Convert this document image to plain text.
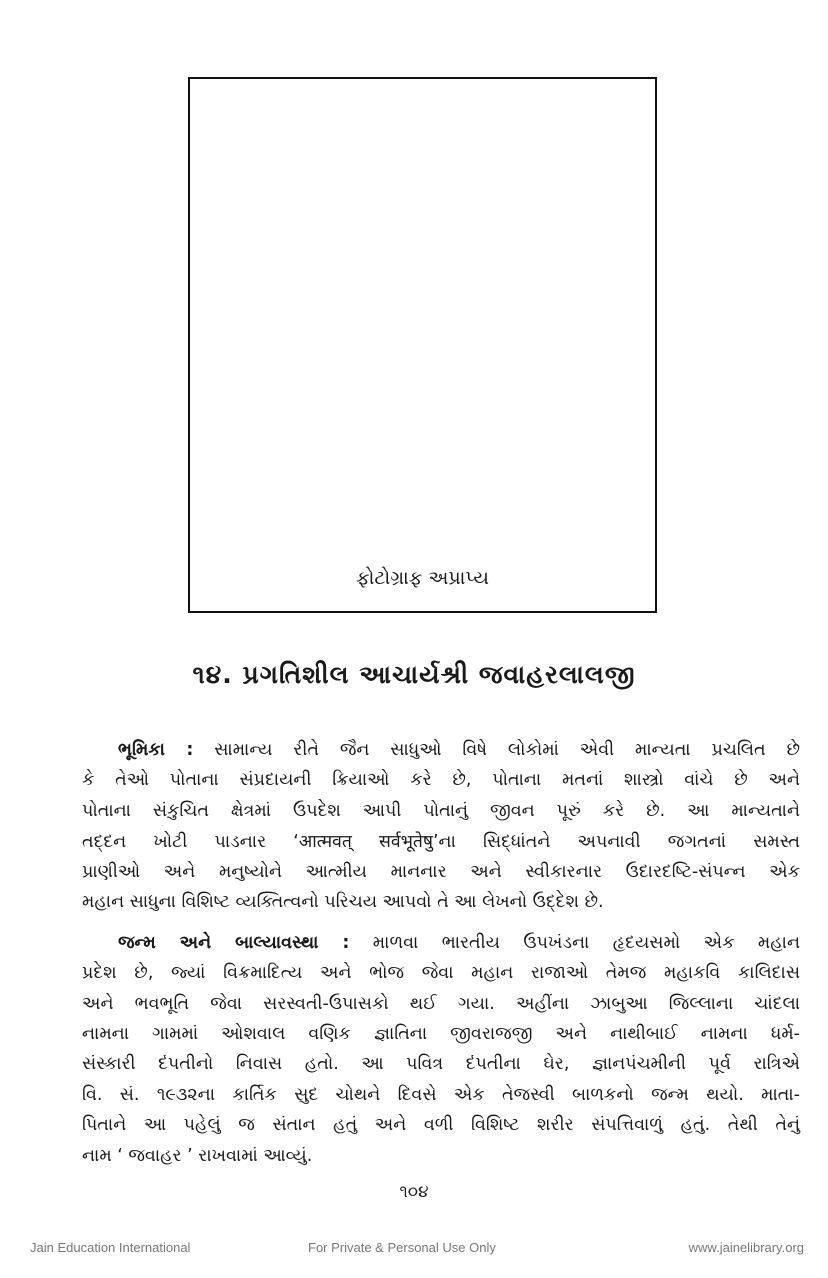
ફોટોગ્રાફ અપ્રાપ્ય
૧૪. પ્રગતિશીલ આચાર્યશ્રી જવાહરલાલજી
ભૂમિકા : સામાન્ય રીતે જૈન સાધુઓ વિષે લોકોમાં એવી માન્યતા પ્રચલિત છે
કે તેઓ પોતાના સંપ્રદાયની ક્રિયાઓ કરે છે, પોતાના મતનાં શાસ્ત્રો વાંચે છે અને
પોતાના સંકુચિત ક્ષેત્રમાં ઉપદેશ આપી પોતાનું જીવન પૂરું કરે છે. આ માન્યતાને
તદ્દન ખોટી પાડનાર ‘आत्मवत् सर्वभूतेषु’ના સિદ્ધાંતને અપનાવી જગતનાં સમસ્ત
પ્રાણીઓ અને મનુષ્યોને આત્મીય માનનાર અને સ્વીકારનાર ઉદારદષ્ટિ-સંપન્ન એક
મહાન સાધુના વિશિષ્ટ વ્યક્તિત્વનો પરિચય આપવો તે આ લેખનો ઉદ્દેશ છે.
જન્મ અને બાલ્યાવસ્થા : માળવા ભારતીય ઉપખંડના હૃદયસમો એક મહાન
પ્રદેશ છે, જ્યાં વિક્રમાદિત્ય અને ભોજ જેવા મહાન રાજાઓ તેમજ મહાકવિ કાલિદાસ
અને ભવભૂતિ જેવા સરસ્વતી-ઉપાસકો થઈ ગયા. અહીંના ઝાબુઆ જિલ્લાના ચાંદલા
નામના ગામમાં ઓશવાલ વણિક જ્ઞાતિના જીવરાજજી અને નાથીબાઈ નામના ધર્મ-
સંસ્કારી દંપતીનો નિવાસ હતો. આ પવિત્ર દંપતીના ઘેર, જ્ઞાનપંચમીની પૂર્વ રાત્રિએ
વિ. સં. ૧૯૩૨ના કાર્તિક સુદ ચોથને દિવસે એક તેજસ્વી બાળકનો જન્મ થયો. માતા-
પિતાને આ પહેલું જ સંતાન હતું અને વળી વિશિષ્ટ શરીર સંપત્તિવાળું હતું. તેથી તેનું
નામ ‘ જવાહર ’ રાખવામાં આવ્યું.
૧૦૪
Jain Education International	For Private & Personal Use Only	www.jainelibrary.org
